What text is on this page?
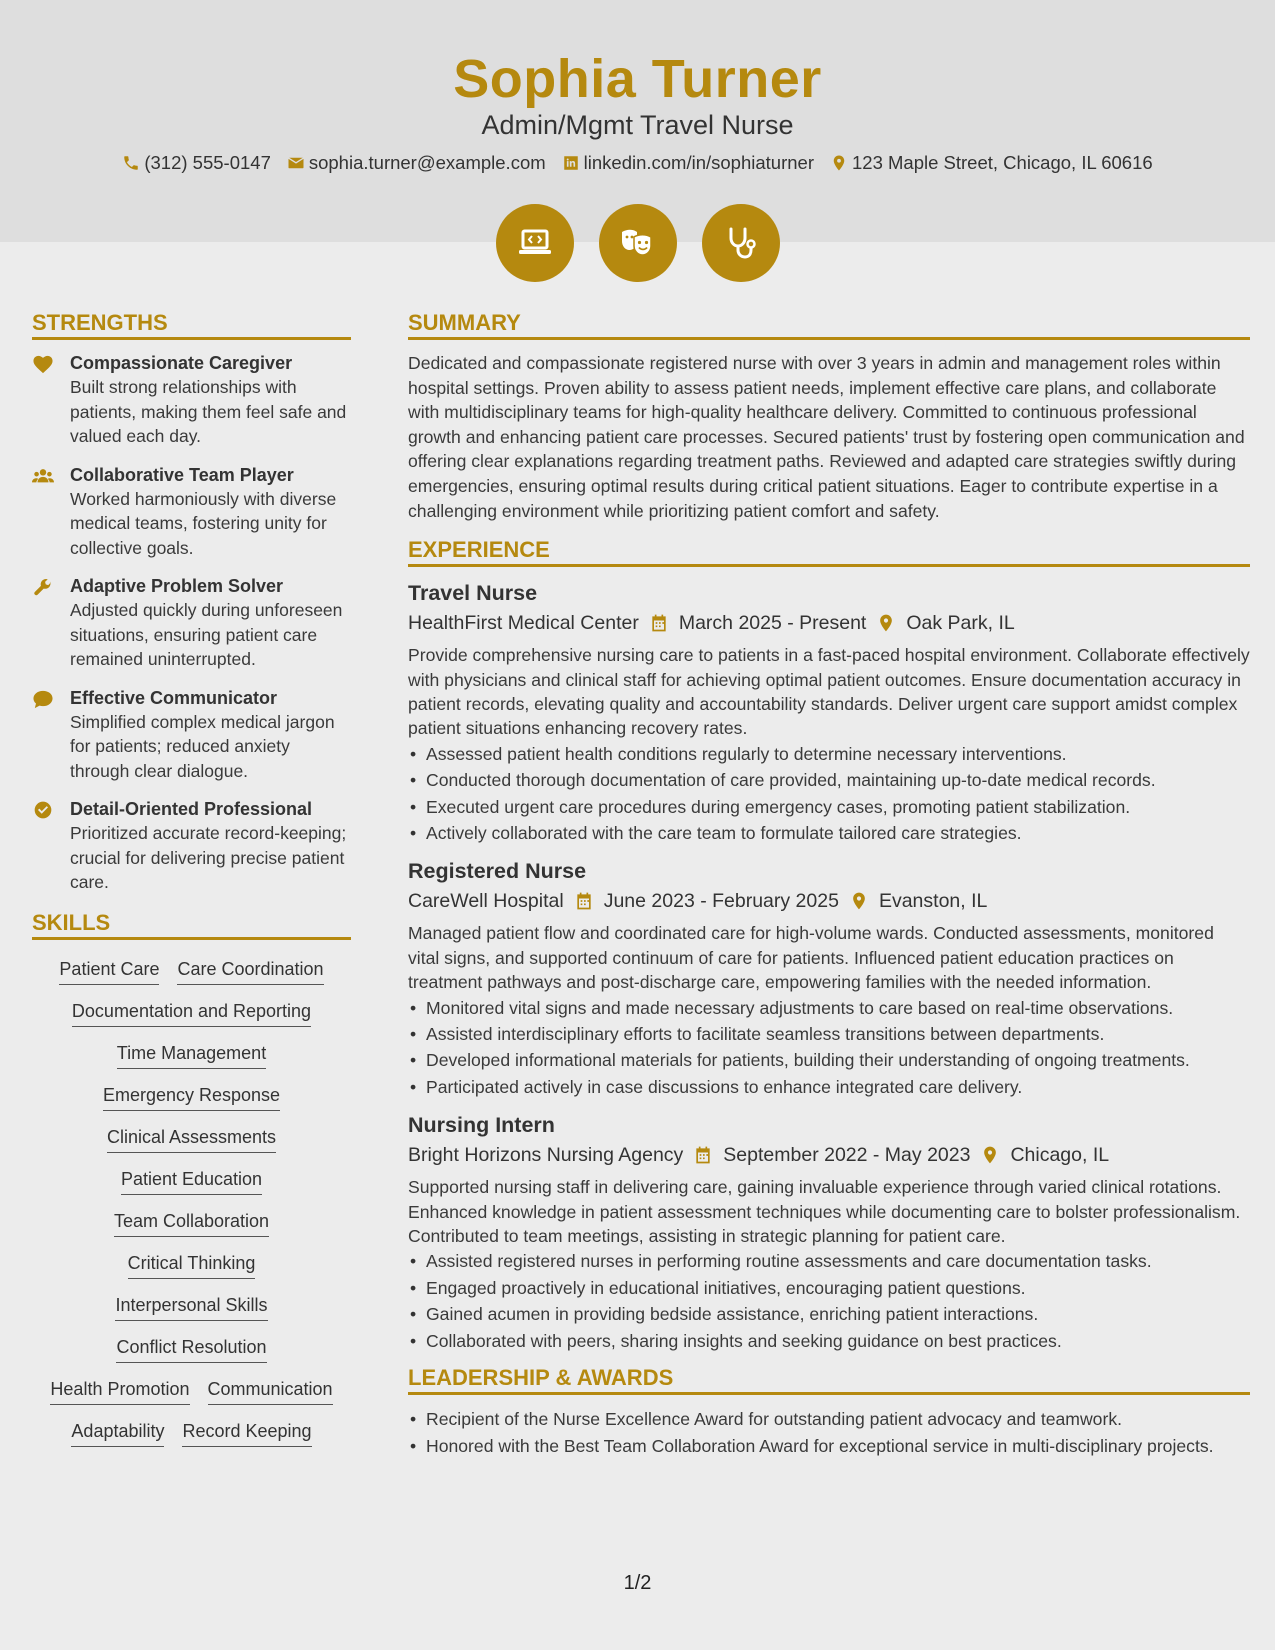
Sophia Turner
Admin/Mgmt Travel Nurse
(312) 555-0147 sophia.turner@example.com linkedin.com/in/sophiaturner 123 Maple Street, Chicago, IL 60616
STRENGTHS
Compassionate Caregiver
Built strong relationships with patients, making them feel safe and valued each day.
Collaborative Team Player
Worked harmoniously with diverse medical teams, fostering unity for collective goals.
Adaptive Problem Solver
Adjusted quickly during unforeseen situations, ensuring patient care remained uninterrupted.
Effective Communicator
Simplified complex medical jargon for patients; reduced anxiety through clear dialogue.
Detail-Oriented Professional
Prioritized accurate record-keeping; crucial for delivering precise patient care.
SKILLS
Patient Care Care Coordination
Documentation and Reporting
Time Management
Emergency Response
Clinical Assessments
Patient Education
Team Collaboration
Critical Thinking
Interpersonal Skills
Conflict Resolution
Health Promotion Communication
Adaptability Record Keeping
SUMMARY
Dedicated and compassionate registered nurse with over 3 years in admin and management roles within hospital settings. Proven ability to assess patient needs, implement effective care plans, and collaborate with multidisciplinary teams for high-quality healthcare delivery. Committed to continuous professional growth and enhancing patient care processes. Secured patients' trust by fostering open communication and offering clear explanations regarding treatment paths. Reviewed and adapted care strategies swiftly during emergencies, ensuring optimal results during critical patient situations. Eager to contribute expertise in a challenging environment while prioritizing patient comfort and safety.
EXPERIENCE
Travel Nurse
HealthFirst Medical Center March 2025 - Present Oak Park, IL
Provide comprehensive nursing care to patients in a fast-paced hospital environment. Collaborate effectively with physicians and clinical staff for achieving optimal patient outcomes. Ensure documentation accuracy in patient records, elevating quality and accountability standards. Deliver urgent care support amidst complex patient situations enhancing recovery rates.
• Assessed patient health conditions regularly to determine necessary interventions.
• Conducted thorough documentation of care provided, maintaining up-to-date medical records.
• Executed urgent care procedures during emergency cases, promoting patient stabilization.
• Actively collaborated with the care team to formulate tailored care strategies.
Registered Nurse
CareWell Hospital June 2023 - February 2025 Evanston, IL
Managed patient flow and coordinated care for high-volume wards. Conducted assessments, monitored vital signs, and supported continuum of care for patients. Influenced patient education practices on treatment pathways and post-discharge care, empowering families with the needed information.
• Monitored vital signs and made necessary adjustments to care based on real-time observations.
• Assisted interdisciplinary efforts to facilitate seamless transitions between departments.
• Developed informational materials for patients, building their understanding of ongoing treatments.
• Participated actively in case discussions to enhance integrated care delivery.
Nursing Intern
Bright Horizons Nursing Agency September 2022 - May 2023 Chicago, IL
Supported nursing staff in delivering care, gaining invaluable experience through varied clinical rotations. Enhanced knowledge in patient assessment techniques while documenting care to bolster professionalism. Contributed to team meetings, assisting in strategic planning for patient care.
• Assisted registered nurses in performing routine assessments and care documentation tasks.
• Engaged proactively in educational initiatives, encouraging patient questions.
• Gained acumen in providing bedside assistance, enriching patient interactions.
• Collaborated with peers, sharing insights and seeking guidance on best practices.
LEADERSHIP & AWARDS
• Recipient of the Nurse Excellence Award for outstanding patient advocacy and teamwork.
• Honored with the Best Team Collaboration Award for exceptional service in multi-disciplinary projects.
1/2
